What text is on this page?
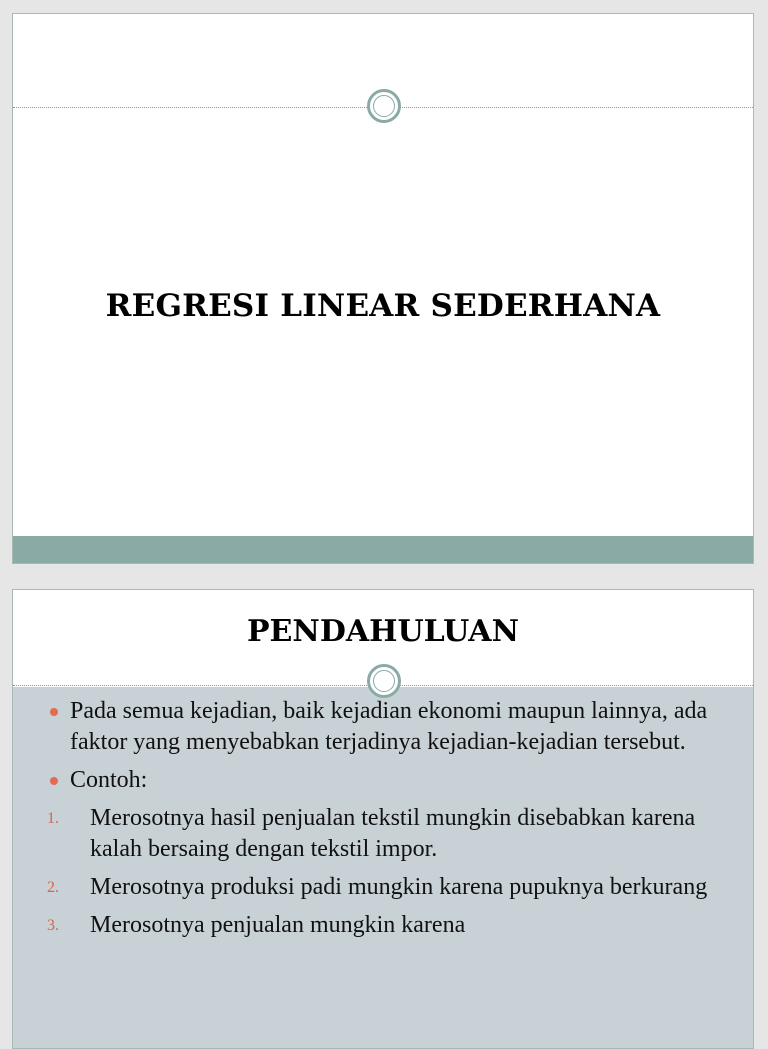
REGRESI LINEAR SEDERHANA
PENDAHULUAN
Pada semua kejadian, baik kejadian ekonomi maupun lainnya, ada faktor yang menyebabkan terjadinya kejadian-kejadian tersebut.
Contoh:
1. Merosotnya hasil penjualan tekstil mungkin disebabkan karena kalah bersaing dengan tekstil impor.
2. Merosotnya produksi padi mungkin karena pupuknya berkurang
3. Merosotnya penjualan mungkin karena
